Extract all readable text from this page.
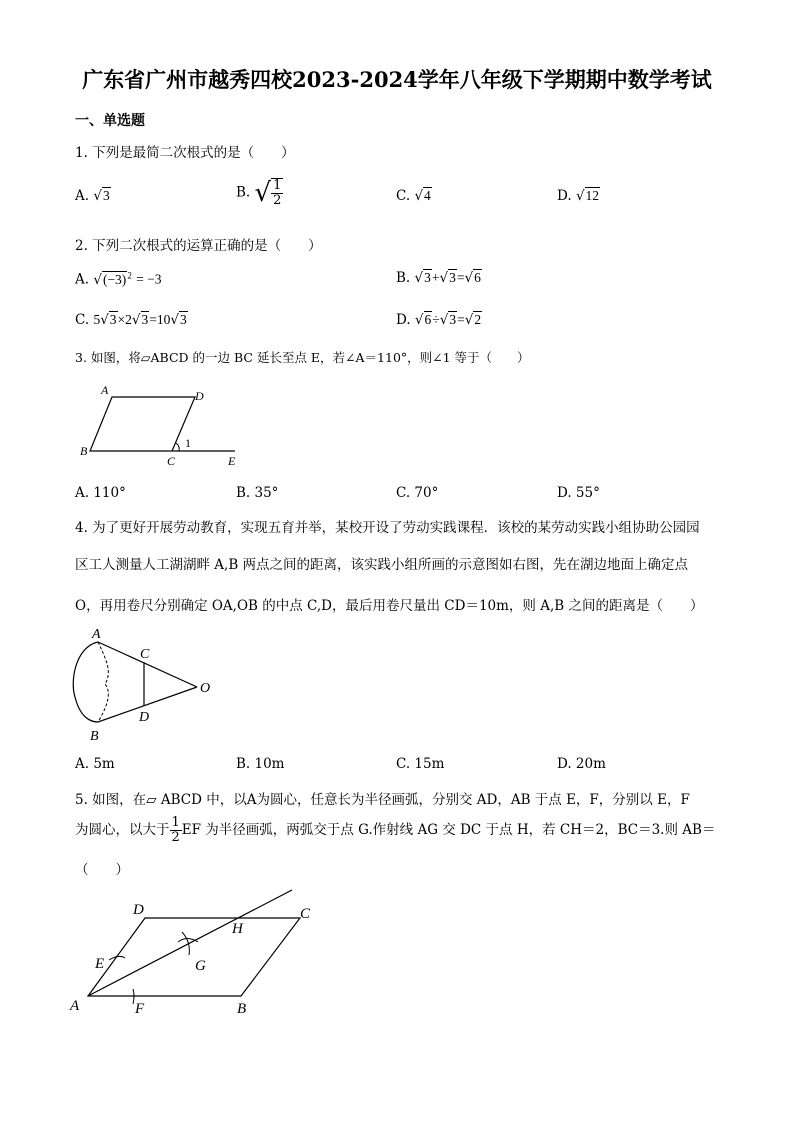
广东省广州市越秀四校2023-2024学年八年级下学期期中数学考试
一、单选题
1. 下列是最简二次根式的是（　　）
A. √3	B. √ $\frac{1}{2}$	C. √4	D. √12
2. 下列二次根式的运算正确的是（　　）
A. $√(-3)^2 = -3$	B. √3+√3=√6
C. 5√3×2√3=10√3	D. √6÷√3=√2
3. 如图，将▱ABCD 的一边 BC 延长至点 E，若∠A＝110°，则∠1 等于（　　）
A	D
B
C	E
1
A. 110°	B. 35°	C. 70°	D. 55°
4. 为了更好开展劳动教育，实现五育并举，某校开设了劳动实践课程．该校的某劳动实践小组协助公园园
区工人测量人工湖湖畔 A,B 两点之间的距离，该实践小组所画的示意图如右图，先在湖边地面上确定点
O，再用卷尺分别确定 OA,OB 的中点 C,D，最后用卷尺量出 CD＝10m，则 A,B 之间的距离是（　　）
A
C
O
D
B
A. 5m	B. 10m	C. 15m	D. 20m
5. 如图，在▱ ABCD 中，以A为圆心，任意长为半径画弧，分别交 AD，AB 于点 E，F，分别以 E，F
为圆心，以大于 $\frac{1}{2}$ EF 为半径画弧，两弧交于点 G.作射线 AG 交 DC 于点 H，若 CH＝2，BC＝3.则 AB＝
（　　）
D	C
H
E	G
A	F	B
